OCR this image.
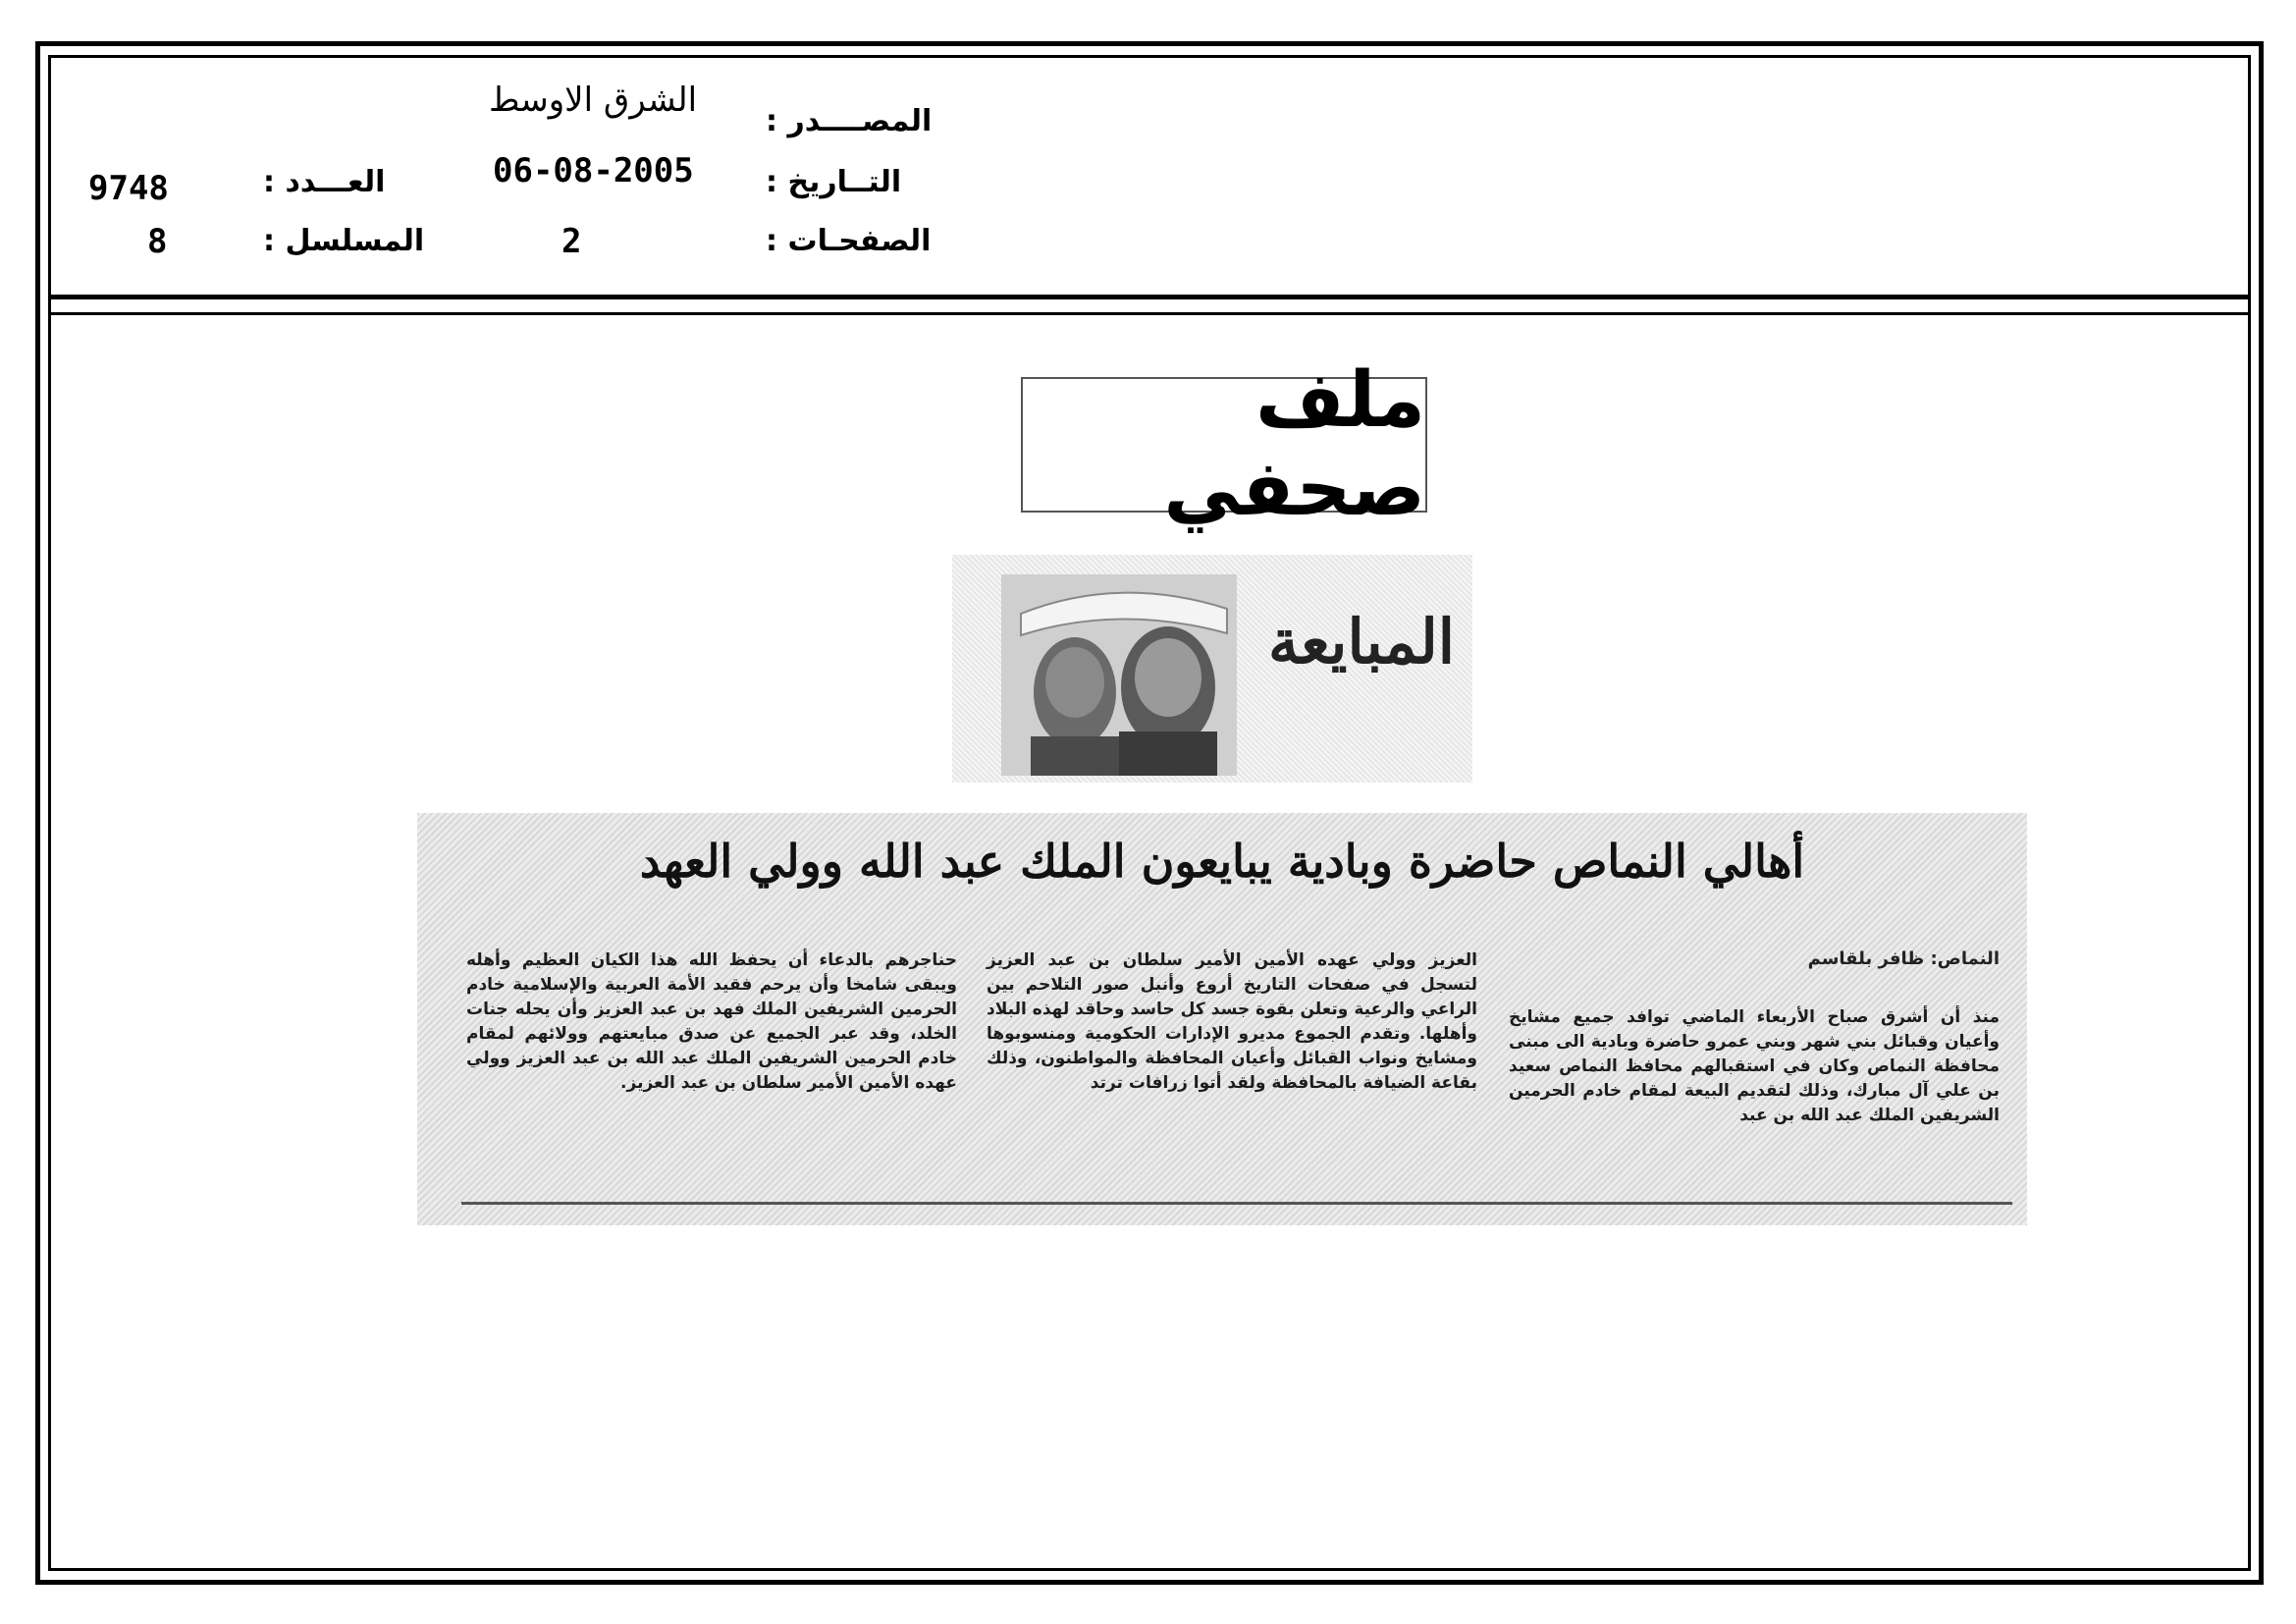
المصــــدر :
الشرق الاوسط
التــاريخ :
06-08-2005
الصفحـات :
2
العـــدد :
9748
المسلسل :
8
ملف صحفي
المبايعة
أهالي النماص حاضرة وبادية يبايعون الملك عبد الله وولي العهد
النماص: ظافر بلقاسم
منذ أن أشرق صباح الأربعاء الماضي توافد جميع مشايخ وأعيان وقبائل بني شهر وبني عمرو حاضرة وبادية الى مبنى محافظة النماص وكان في استقبالهم محافظ النماص سعيد بن علي آل مبارك، وذلك لتقديم البيعة لمقام خادم الحرمين الشريفين الملك عبد الله بن عبد
العزيز وولي عهده الأمين الأمير سلطان بن عبد العزيز لتسجل في صفحات التاريخ أروع وأنبل صور التلاحم بين الراعي والرعية وتعلن بقوة جسد كل حاسد وحاقد لهذه البلاد وأهلها. وتقدم الجموع مديرو الإدارات الحكومية ومنسوبوها ومشايخ ونواب القبائل وأعيان المحافظة والمواطنون، وذلك بقاعة الضيافة بالمحافظة ولقد أتوا زرافات ترتد
حناجرهم بالدعاء أن يحفظ الله هذا الكيان العظيم وأهله ويبقى شامخا وأن يرحم فقيد الأمة العربية والإسلامية خادم الحرمين الشريفين الملك فهد بن عبد العزيز وأن يحله جنات الخلد، وقد عبر الجميع عن صدق مبايعتهم وولائهم لمقام خادم الحرمين الشريفين الملك عبد الله بن عبد العزيز وولي عهده الأمين الأمير سلطان بن عبد العزيز.
